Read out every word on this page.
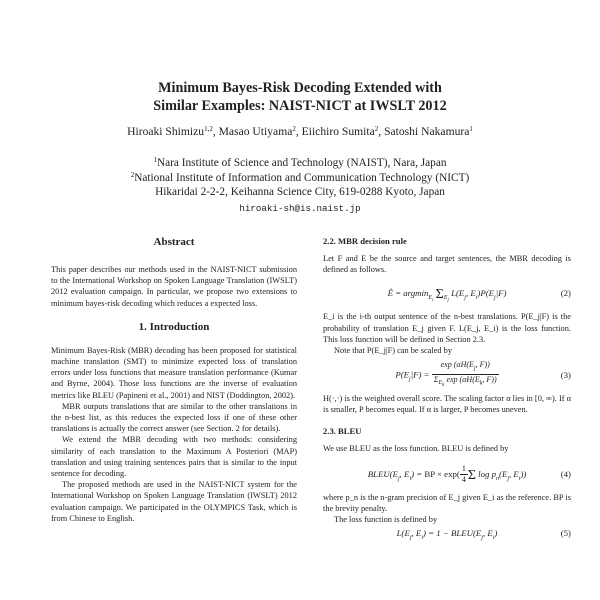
Minimum Bayes-Risk Decoding Extended with
Similar Examples: NAIST-NICT at IWSLT 2012
Hiroaki Shimizu$^{1,2}$, Masao Utiyama$^2$, Eiichiro Sumita$^2$, Satoshi Nakamura$^1$
$^1$Nara Institute of Science and Technology (NAIST), Nara, Japan
$^2$National Institute of Information and Communication Technology (NICT)
Hikaridai 2-2-2, Keihanna Science City, 619-0288 Kyoto, Japan
hiroaki-sh@is.naist.jp
Abstract
This paper describes our methods used in the NAIST-NICT submission to the International Workshop on Spoken Language Translation (IWSLT) 2012 evaluation campaign. In particular, we propose two extensions to minimum bayes-risk decoding which reduces a expected loss.
1. Introduction
Minimum Bayes-Risk (MBR) decoding has been proposed for statistical machine translation (SMT) to minimize expected loss of translation errors under loss functions that measure translation performance (Kumar and Byrne, 2004). Those loss functions are the inverse of evaluation metrics like BLEU (Papineni et al., 2001) and NIST (Doddington, 2002).
MBR outputs translations that are similar to the other translations in the n-best list, as this reduces the expected loss if one of these other translations is actually the correct answer (see Section. 2 for details).
We extend the MBR decoding with two methods: considering similarity of each translation to the Maximum A Posteriori (MAP) translation and using training sentences pairs that is similar to the input sentence for decoding.
The proposed methods are used in the NAIST-NICT system for the International Workshop on Spoken Language Translation (IWSLT) 2012 evaluation campaign. We participated in the OLYMPICS Task, which is from Chinese to English.
2.2. MBR decision rule
Let F and E be the source and target sentences, the MBR decoding is defined as follows.
Ê = argmin$_{E_i}$ $\Sigma_{E_j}$ $L(E_j$, $E_i)P(E_j|F)$	(2)
E_i is the i-th output sentence of the n-best translations. P(E_j|F) is the probability of translation E_j given F. L(E_j, E_i) is the loss function. This loss function will be defined in Section 2.3.
Note that P(E_j|F) can be scaled by
$P(E_j|F) = \frac{\exp (\alpha H(E_j, F))}{\Sigma_{E_k} \exp (\alpha H(E_k, F))}$	(3)
H(·,·) is the weighted overall score. The scaling factor α lies in [0, ∞). If α is smaller, P becomes equal. If α is larger, P becomes uneven.
2.3. BLEU
We use BLEU as the loss function. BLEU is defined by
$BLEU(E_j$, $E_i$) = BP × $\exp( \frac{1}{4}$ Σ $\log p_n(E_j$, $E_i$))	(4)
where p_n is the n-gram precision of E_j given E_i as the reference. BP is the brevity penalty.
The loss function is defined by
$L(E_j$, $E_i) = 1$ − $BLEU(E_j$, $E_i$)	(5)
